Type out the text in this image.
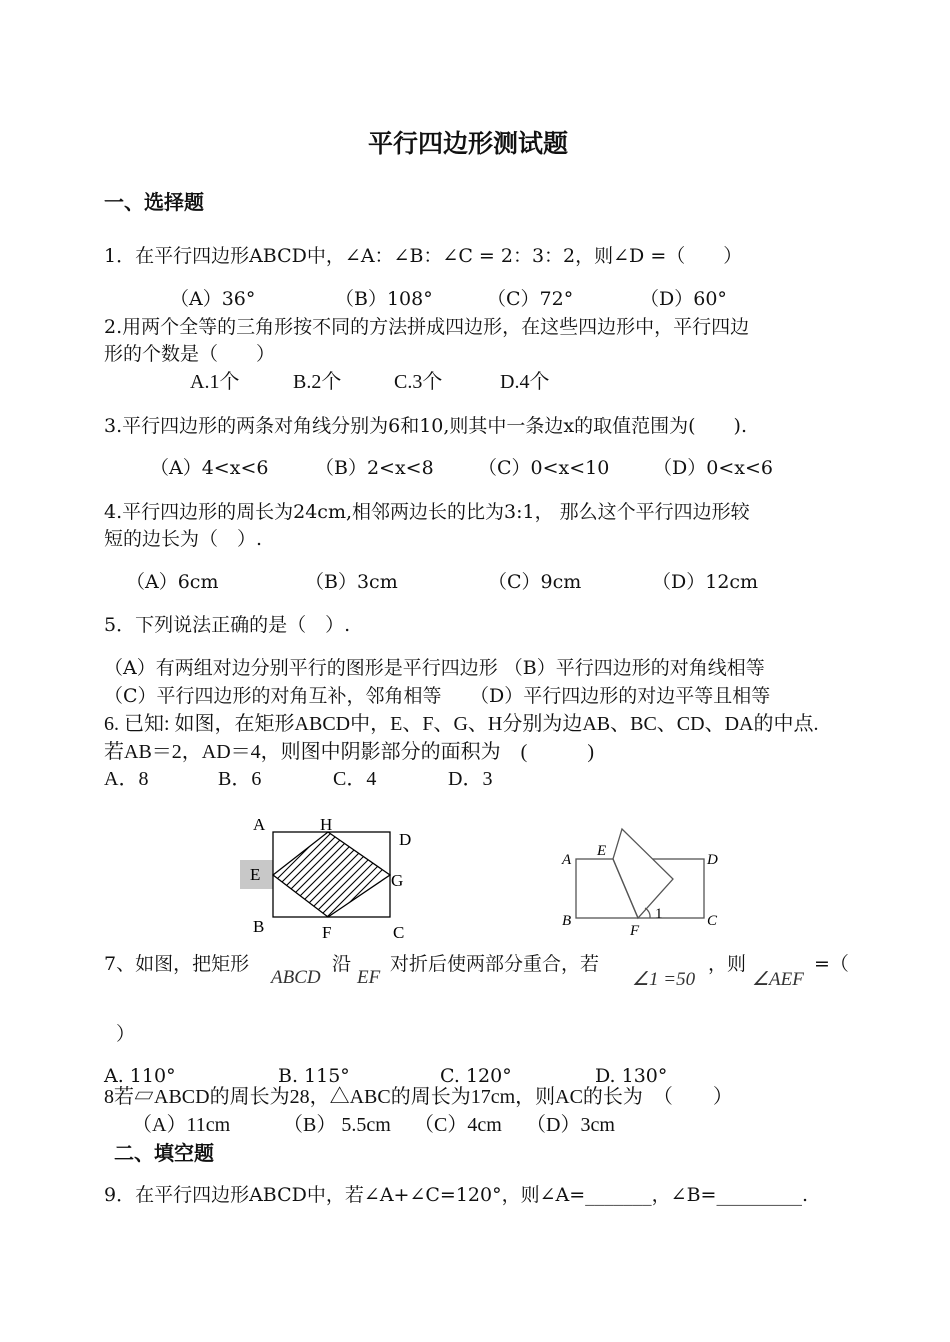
平行四边形测试题
一、选择题
1．在平行四边形ABCD中，∠A：∠B：∠C = 2：3：2，则∠D =（　　）
（A）36°	（B）108°	（C）72°	（D）60°
2.用两个全等的三角形按不同的方法拼成四边形，在这些四边形中，平行四边
形的个数是（　　）
A.1个	B.2个	C.3个	D.4个
3.平行四边形的两条对角线分别为6和10,则其中一条边x的取值范围为(　　).
（A）4<x<6 （B）2<x<8 （C）0<x<10 （D）0<x<6
4.平行四边形的周长为24cm,相邻两边长的比为3:1， 那么这个平行四边形较
短的边长为（　）.
（A）6cm	（B）3cm	（C）9cm	（D）12cm
5．下列说法正确的是（　）.
（A）有两组对边分别平行的图形是平行四边形 （B）平行四边形的对角线相等
（C）平行四边形的对角互补，邻角相等　　（D）平行四边形的对边平等且相等
6. 已知: 如图，在矩形ABCD中，E、F、G、H分别为边AB、BC、CD、DA的中点.
若AB＝2，AD＝4，则图中阴影部分的面积为　(　　　)
A．8	B．6	C．4	D．3
A	H
D
E	G
B	F	C
A
E
D
B
F
1	C
7、如图，把矩形
ABCD
沿
EF
对折后使两部分重合，若
∠1 =50
，则
∠AEF
=（
）
A. 110°	B. 115°	C. 120°	D. 130°
8若▱ABCD的周长为28，△ABC的周长为17cm，则AC的长为　（　　）
（A）11cm	（B） 5.5cm （C）4cm （D）3cm
二、填空题
9．在平行四边形ABCD中，若∠A+∠C=120°，则∠A=_______，∠B=_________.
